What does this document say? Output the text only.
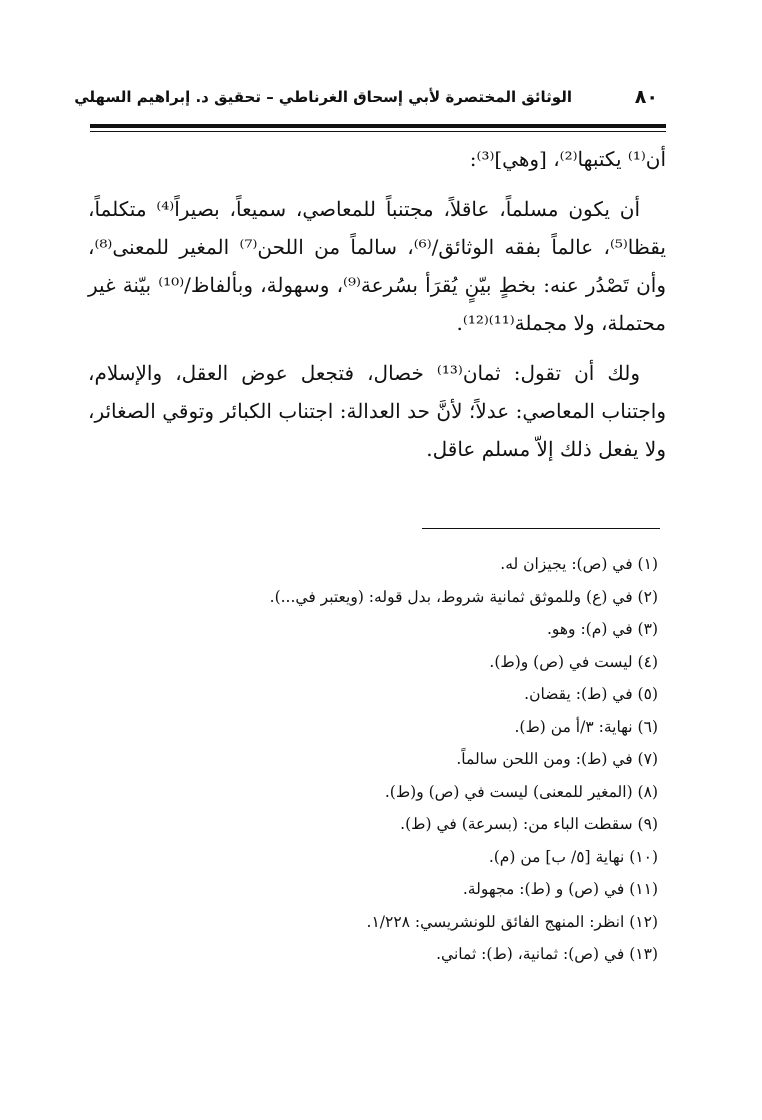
٨٠
الوثائق المختصرة لأبي إسحاق الغرناطي – تحقيق د. إبراهيم السهلي

أن⁽¹⁾ يكتبها⁽²⁾، [وهي]⁽³⁾:

أن يكون مسلماً، عاقلاً، مجتنباً للمعاصي، سميعاً، بصيراً⁽⁴⁾ متكلماً، يقظا⁽⁵⁾، عالماً بفقه الوثائق/⁽⁶⁾، سالماً من اللحن⁽⁷⁾ المغير للمعنى⁽⁸⁾، وأن تَصْدُر عنه: بخطٍ بيّنٍ يُقرَأ بسُرعة⁽⁹⁾، وسهولة، وبألفاظ/⁽¹⁰⁾ بيّنة غير محتملة، ولا مجملة⁽¹¹⁾⁽¹²⁾.

ولك أن تقول: ثمان⁽¹³⁾ خصال، فتجعل عوض العقل، والإسلام، واجتناب المعاصي: عدلاً؛ لأنَّ حد العدالة: اجتناب الكبائر وتوقي الصغائر، ولا يفعل ذلك إلاّ مسلم عاقل.

(١) في (ص): يجيزان له.

(٢) في (ع) وللموثق ثمانية شروط، بدل قوله: (ويعتبر في...).

(٣) في (م): وهو.

(٤) ليست في (ص) و(ط).

(٥) في (ط): يقضان.

(٦) نهاية: ٣/أ من (ط).

(٧) في (ط): ومن اللحن سالماً.

(٨) (المغير للمعنى) ليست في (ص) و(ط).

(٩) سقطت الباء من: (بسرعة) في (ط).

(١٠) نهاية [٥/ ب] من (م).

(١١) في (ص) و (ط): مجهولة.

(١٢) انظر: المنهج الفائق للونشريسي: ١/٢٢٨.

(١٣) في (ص): ثمانية، (ط): ثماني.
